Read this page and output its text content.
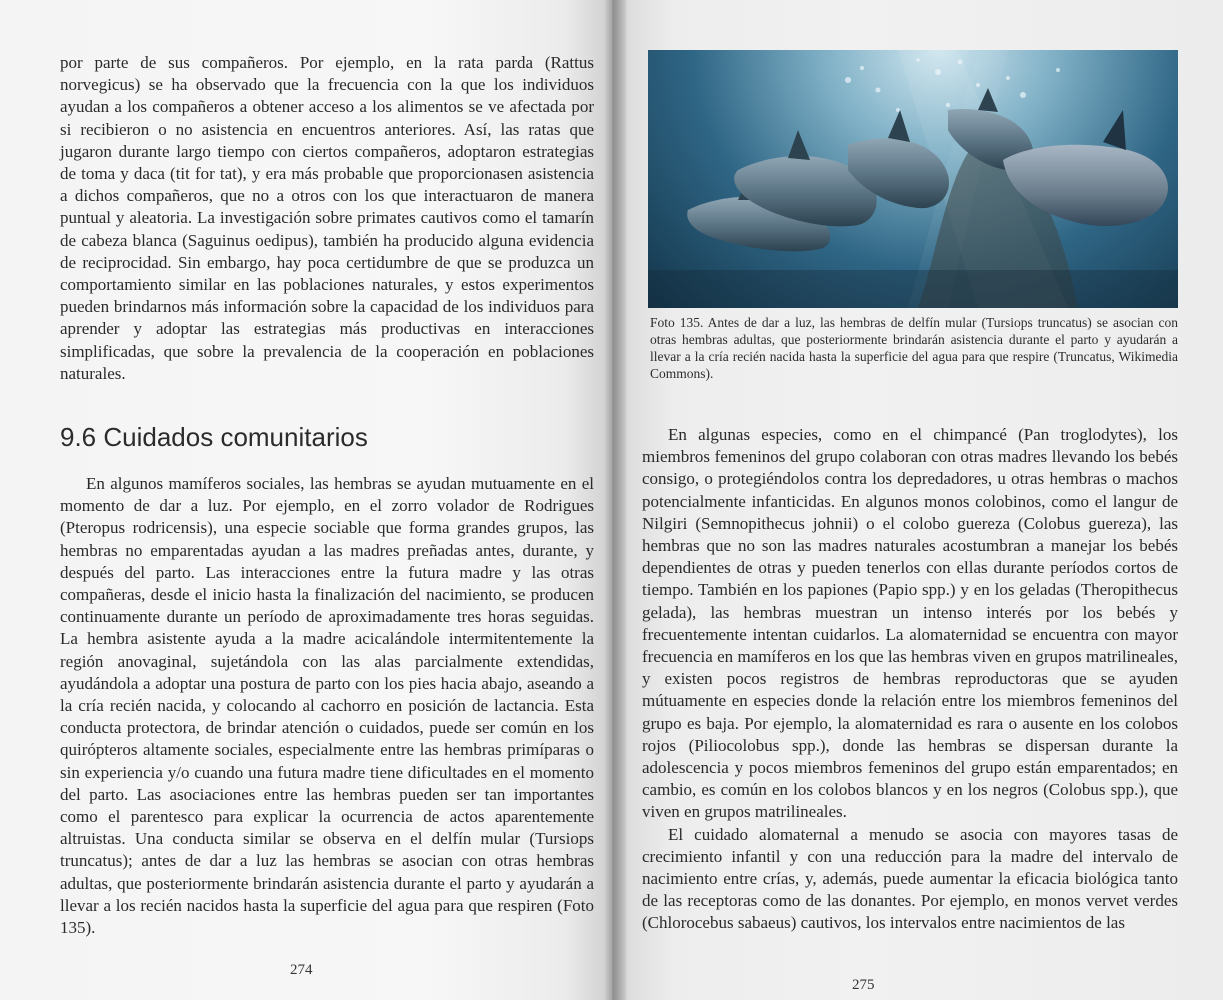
por parte de sus compañeros. Por ejemplo, en la rata parda (Rattus norvegicus) se ha observado que la frecuencia con la que los individuos ayudan a los compañeros a obtener acceso a los alimentos se ve afectada por si recibieron o no asistencia en encuentros anteriores. Así, las ratas que jugaron durante largo tiempo con ciertos compañeros, adoptaron estrategias de toma y daca (tit for tat), y era más probable que proporcionasen asistencia a dichos compañeros, que no a otros con los que interactuaron de manera puntual y aleatoria. La investigación sobre primates cautivos como el tamarín de cabeza blanca (Saguinus oedipus), también ha producido alguna evidencia de reciprocidad. Sin embargo, hay poca certidumbre de que se produzca un comportamiento similar en las poblaciones naturales, y estos experimentos pueden brindarnos más información sobre la capacidad de los individuos para aprender y adoptar las estrategias más productivas en interacciones simplificadas, que sobre la prevalencia de la cooperación en poblaciones naturales.

9.6 Cuidados comunitarios

En algunos mamíferos sociales, las hembras se ayudan mutuamente en el momento de dar a luz. Por ejemplo, en el zorro volador de Rodrigues (Pteropus rodricensis), una especie sociable que forma grandes grupos, las hembras no emparentadas ayudan a las madres preñadas antes, durante, y después del parto. Las interacciones entre la futura madre y las otras compañeras, desde el inicio hasta la finalización del nacimiento, se producen continuamente durante un período de aproximadamente tres horas seguidas. La hembra asistente ayuda a la madre acicalándole intermitentemente la región anovaginal, sujetándola con las alas parcialmente extendidas, ayudándola a adoptar una postura de parto con los pies hacia abajo, aseando a la cría recién nacida, y colocando al cachorro en posición de lactancia. Esta conducta protectora, de brindar atención o cuidados, puede ser común en los quirópteros altamente sociales, especialmente entre las hembras primíparas o sin experiencia y/o cuando una futura madre tiene dificultades en el momento del parto. Las asociaciones entre las hembras pueden ser tan importantes como el parentesco para explicar la ocurrencia de actos aparentemente altruistas. Una conducta similar se observa en el delfín mular (Tursiops truncatus); antes de dar a luz las hembras se asocian con otras hembras adultas, que posteriormente brindarán asistencia durante el parto y ayudarán a llevar a los recién nacidos hasta la superficie del agua para que respiren (Foto 135).

274

Foto 135. Antes de dar a luz, las hembras de delfín mular (Tursiops truncatus) se asocian con otras hembras adultas, que posteriormente brindarán asistencia durante el parto y ayudarán a llevar a la cría recién nacida hasta la superficie del agua para que respire (Truncatus, Wikimedia Commons).

En algunas especies, como en el chimpancé (Pan troglodytes), los miembros femeninos del grupo colaboran con otras madres llevando los bebés consigo, o protegiéndolos contra los depredadores, u otras hembras o machos potencialmente infanticidas. En algunos monos colobinos, como el langur de Nilgiri (Semnopithecus johnii) o el colobo guereza (Colobus guereza), las hembras que no son las madres naturales acostumbran a manejar los bebés dependientes de otras y pueden tenerlos con ellas durante períodos cortos de tiempo. También en los papiones (Papio spp.) y en los geladas (Theropithecus gelada), las hembras muestran un intenso interés por los bebés y frecuentemente intentan cuidarlos. La alomaternidad se encuentra con mayor frecuencia en mamíferos en los que las hembras viven en grupos matrilineales, y existen pocos registros de hembras reproductoras que se ayuden mútuamente en especies donde la relación entre los miembros femeninos del grupo es baja. Por ejemplo, la alomaternidad es rara o ausente en los colobos rojos (Piliocolobus spp.), donde las hembras se dispersan durante la adolescencia y pocos miembros femeninos del grupo están emparentados; en cambio, es común en los colobos blancos y en los negros (Colobus spp.), que viven en grupos matrilineales.

El cuidado alomaternal a menudo se asocia con mayores tasas de crecimiento infantil y con una reducción para la madre del intervalo de nacimiento entre crías, y, además, puede aumentar la eficacia biológica tanto de las receptoras como de las donantes. Por ejemplo, en monos vervet verdes (Chlorocebus sabaeus) cautivos, los intervalos entre nacimientos de las

275
